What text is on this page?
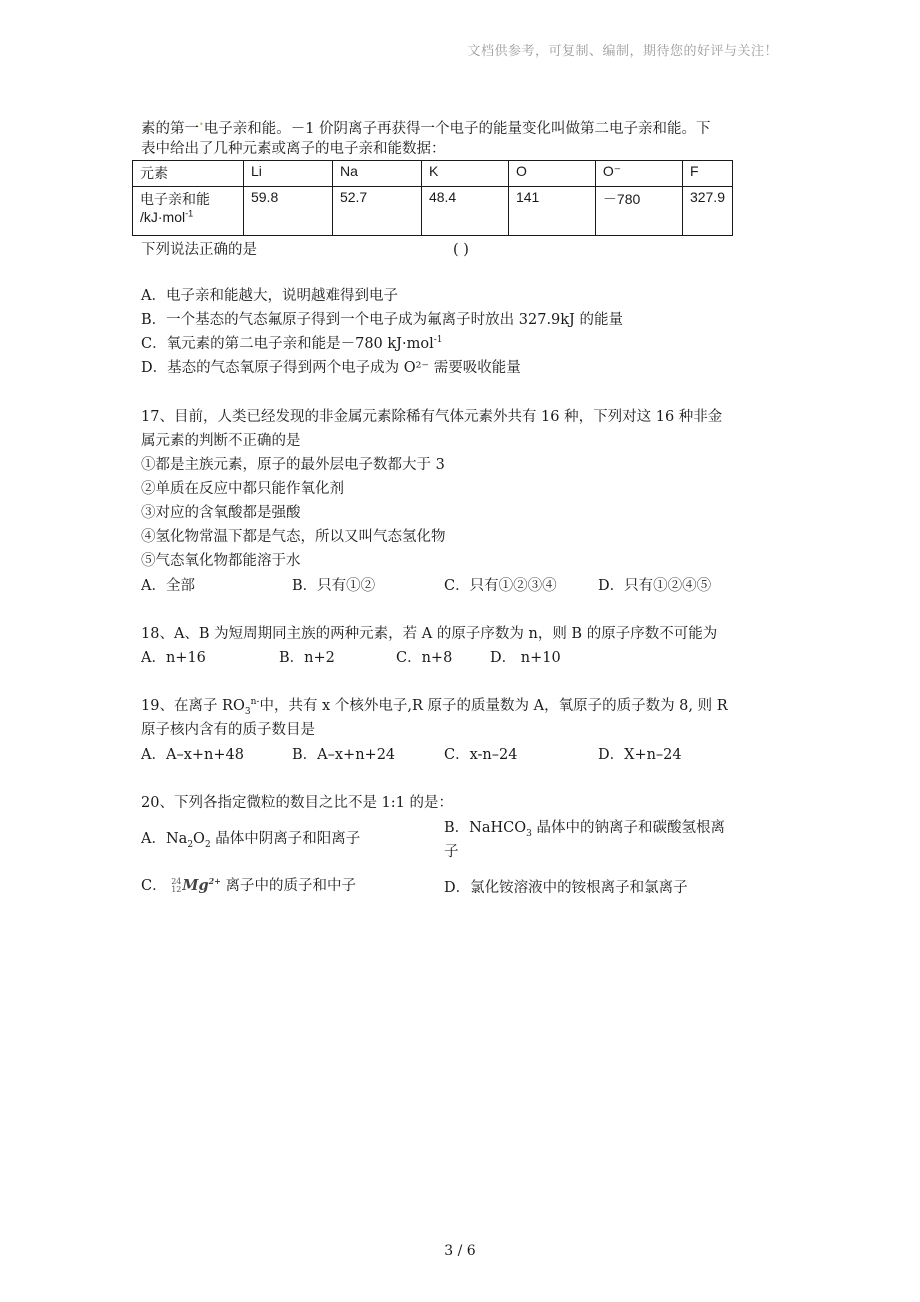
文档供参考，可复制、编制，期待您的好评与关注！
素的第一•电子亲和能。－1 价阴离子再获得一个电子的能量变化叫做第二电子亲和能。下
表中给出了几种元素或离子的电子亲和能数据：
元素	Li	Na	K	O	O⁻	F

电子亲和能
/kJ·mol$^{-1}$	59.8	52.7	48.4	141	－780	327.9
下列说法正确的是	( )
A．电子亲和能越大，说明越难得到电子
B．一个基态的气态氟原子得到一个电子成为氟离子时放出 327.9kJ 的能量
C．氧元素的第二电子亲和能是－780 kJ·mol$^{-1}$
D．基态的气态氧原子得到两个电子成为 O²⁻ 需要吸收能量
17、目前，人类已经发现的非金属元素除稀有气体元素外共有 16 种，下列对这 16 种非金
属元素的判断不正确的是
①都是主族元素，原子的最外层电子数都大于 3
②单质在反应中都只能作氧化剂
③对应的含氧酸都是强酸
④氢化物常温下都是气态，所以又叫气态氢化物
⑤气态氧化物都能溶于水
A．全部	B．只有①②	C．只有①②③④	D．只有①②④⑤
18、A、B 为短周期同主族的两种元素，若 A 的原子序数为 n，则 B 的原子序数不可能为
A．n+16	B．n+2	C．n+8	D． n+10
19、在离子 $RO_3^{n-}$中，共有 x 个核外电子,R 原子的质量数为 A，氧原子的质子数为 8, 则 R
原子核内含有的质子数目是
A．A–x+n+48	B．A–x+n+24	C．x-n–24	D．X+n–24
20、下列各指定微粒的数目之比不是 1:1 的是：
A．$Na_2O_2$ 晶体中阴离子和阳离子
B．NaHCO$_3$ 晶体中的钠离子和碳酸氢根离
子
C． 24
12 $Mg^{2+}$ 离子中的质子和中子	D．氯化铵溶液中的铵根离子和氯离子
3 / 6
